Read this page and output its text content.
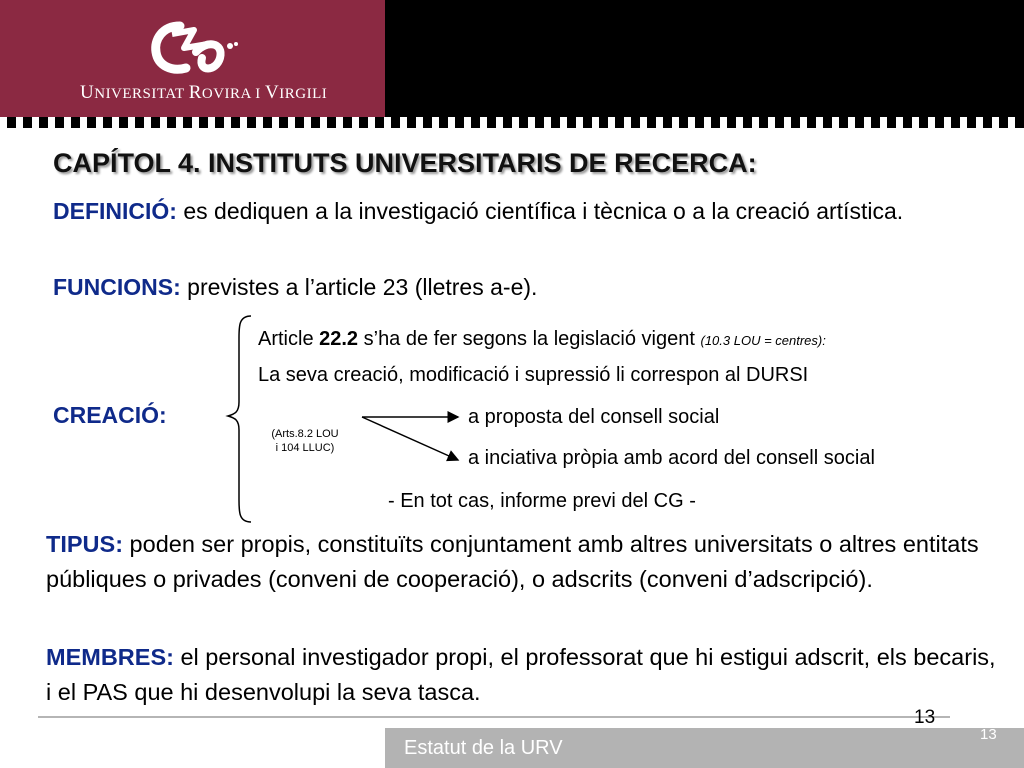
UNIVERSITAT ROVIRA I VIRGILI
CAPÍTOL 4. INSTITUTS UNIVERSITARIS DE RECERCA:
DEFINICIÓ: es dediquen a la investigació científica i tècnica o a la creació artística.
FUNCIONS: previstes a l’article 23 (lletres a-e).
CREACIÓ:
Article 22.2 s’ha de fer segons la legislació vigent (10.3 LOU = centres):
La seva creació, modificació i supressió li correspon al DURSI
(Arts.8.2 LOU
i 104 LLUC)
a proposta del consell social
a inciativa pròpia amb acord del consell social
- En tot cas, informe previ del CG -
TIPUS: poden ser propis, constituïts conjuntament amb altres universitats o altres entitats públiques o privades (conveni de cooperació), o adscrits (conveni d’adscripció).
MEMBRES: el personal investigador propi, el professorat que hi estigui adscrit, els becaris, i el PAS que hi desenvolupi la seva tasca.
Estatut de la URV
13
13
